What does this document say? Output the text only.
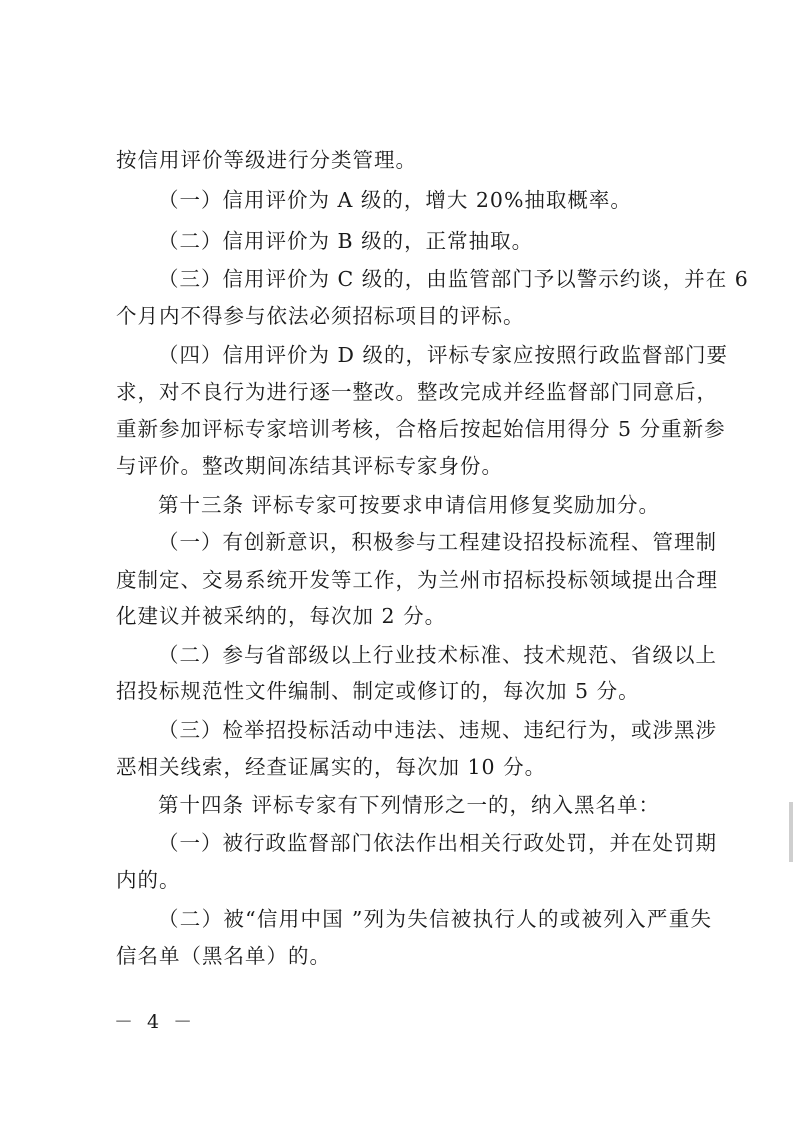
按信用评价等级进行分类管理。
（一）信用评价为 A 级的，增大 20%抽取概率。
（二）信用评价为 B 级的，正常抽取。
（三）信用评价为 C 级的，由监管部门予以警示约谈，并在 6
个月内不得参与依法必须招标项目的评标。
（四）信用评价为 D 级的，评标专家应按照行政监督部门要
求，对不良行为进行逐一整改。整改完成并经监督部门同意后，
重新参加评标专家培训考核，合格后按起始信用得分 5 分重新参
与评价。整改期间冻结其评标专家身份。
第十三条 评标专家可按要求申请信用修复奖励加分。
（一）有创新意识，积极参与工程建设招投标流程、管理制
度制定、交易系统开发等工作，为兰州市招标投标领域提出合理
化建议并被采纳的，每次加 2 分。
（二）参与省部级以上行业技术标准、技术规范、省级以上
招投标规范性文件编制、制定或修订的，每次加 5 分。
（三）检举招投标活动中违法、违规、违纪行为，或涉黑涉
恶相关线索，经查证属实的，每次加 10 分。
第十四条 评标专家有下列情形之一的，纳入黑名单：
（一）被行政监督部门依法作出相关行政处罚，并在处罚期
内的。
（二）被“信用中国 ”列为失信被执行人的或被列入严重失
信名单（黑名单）的。
－ 4 －
